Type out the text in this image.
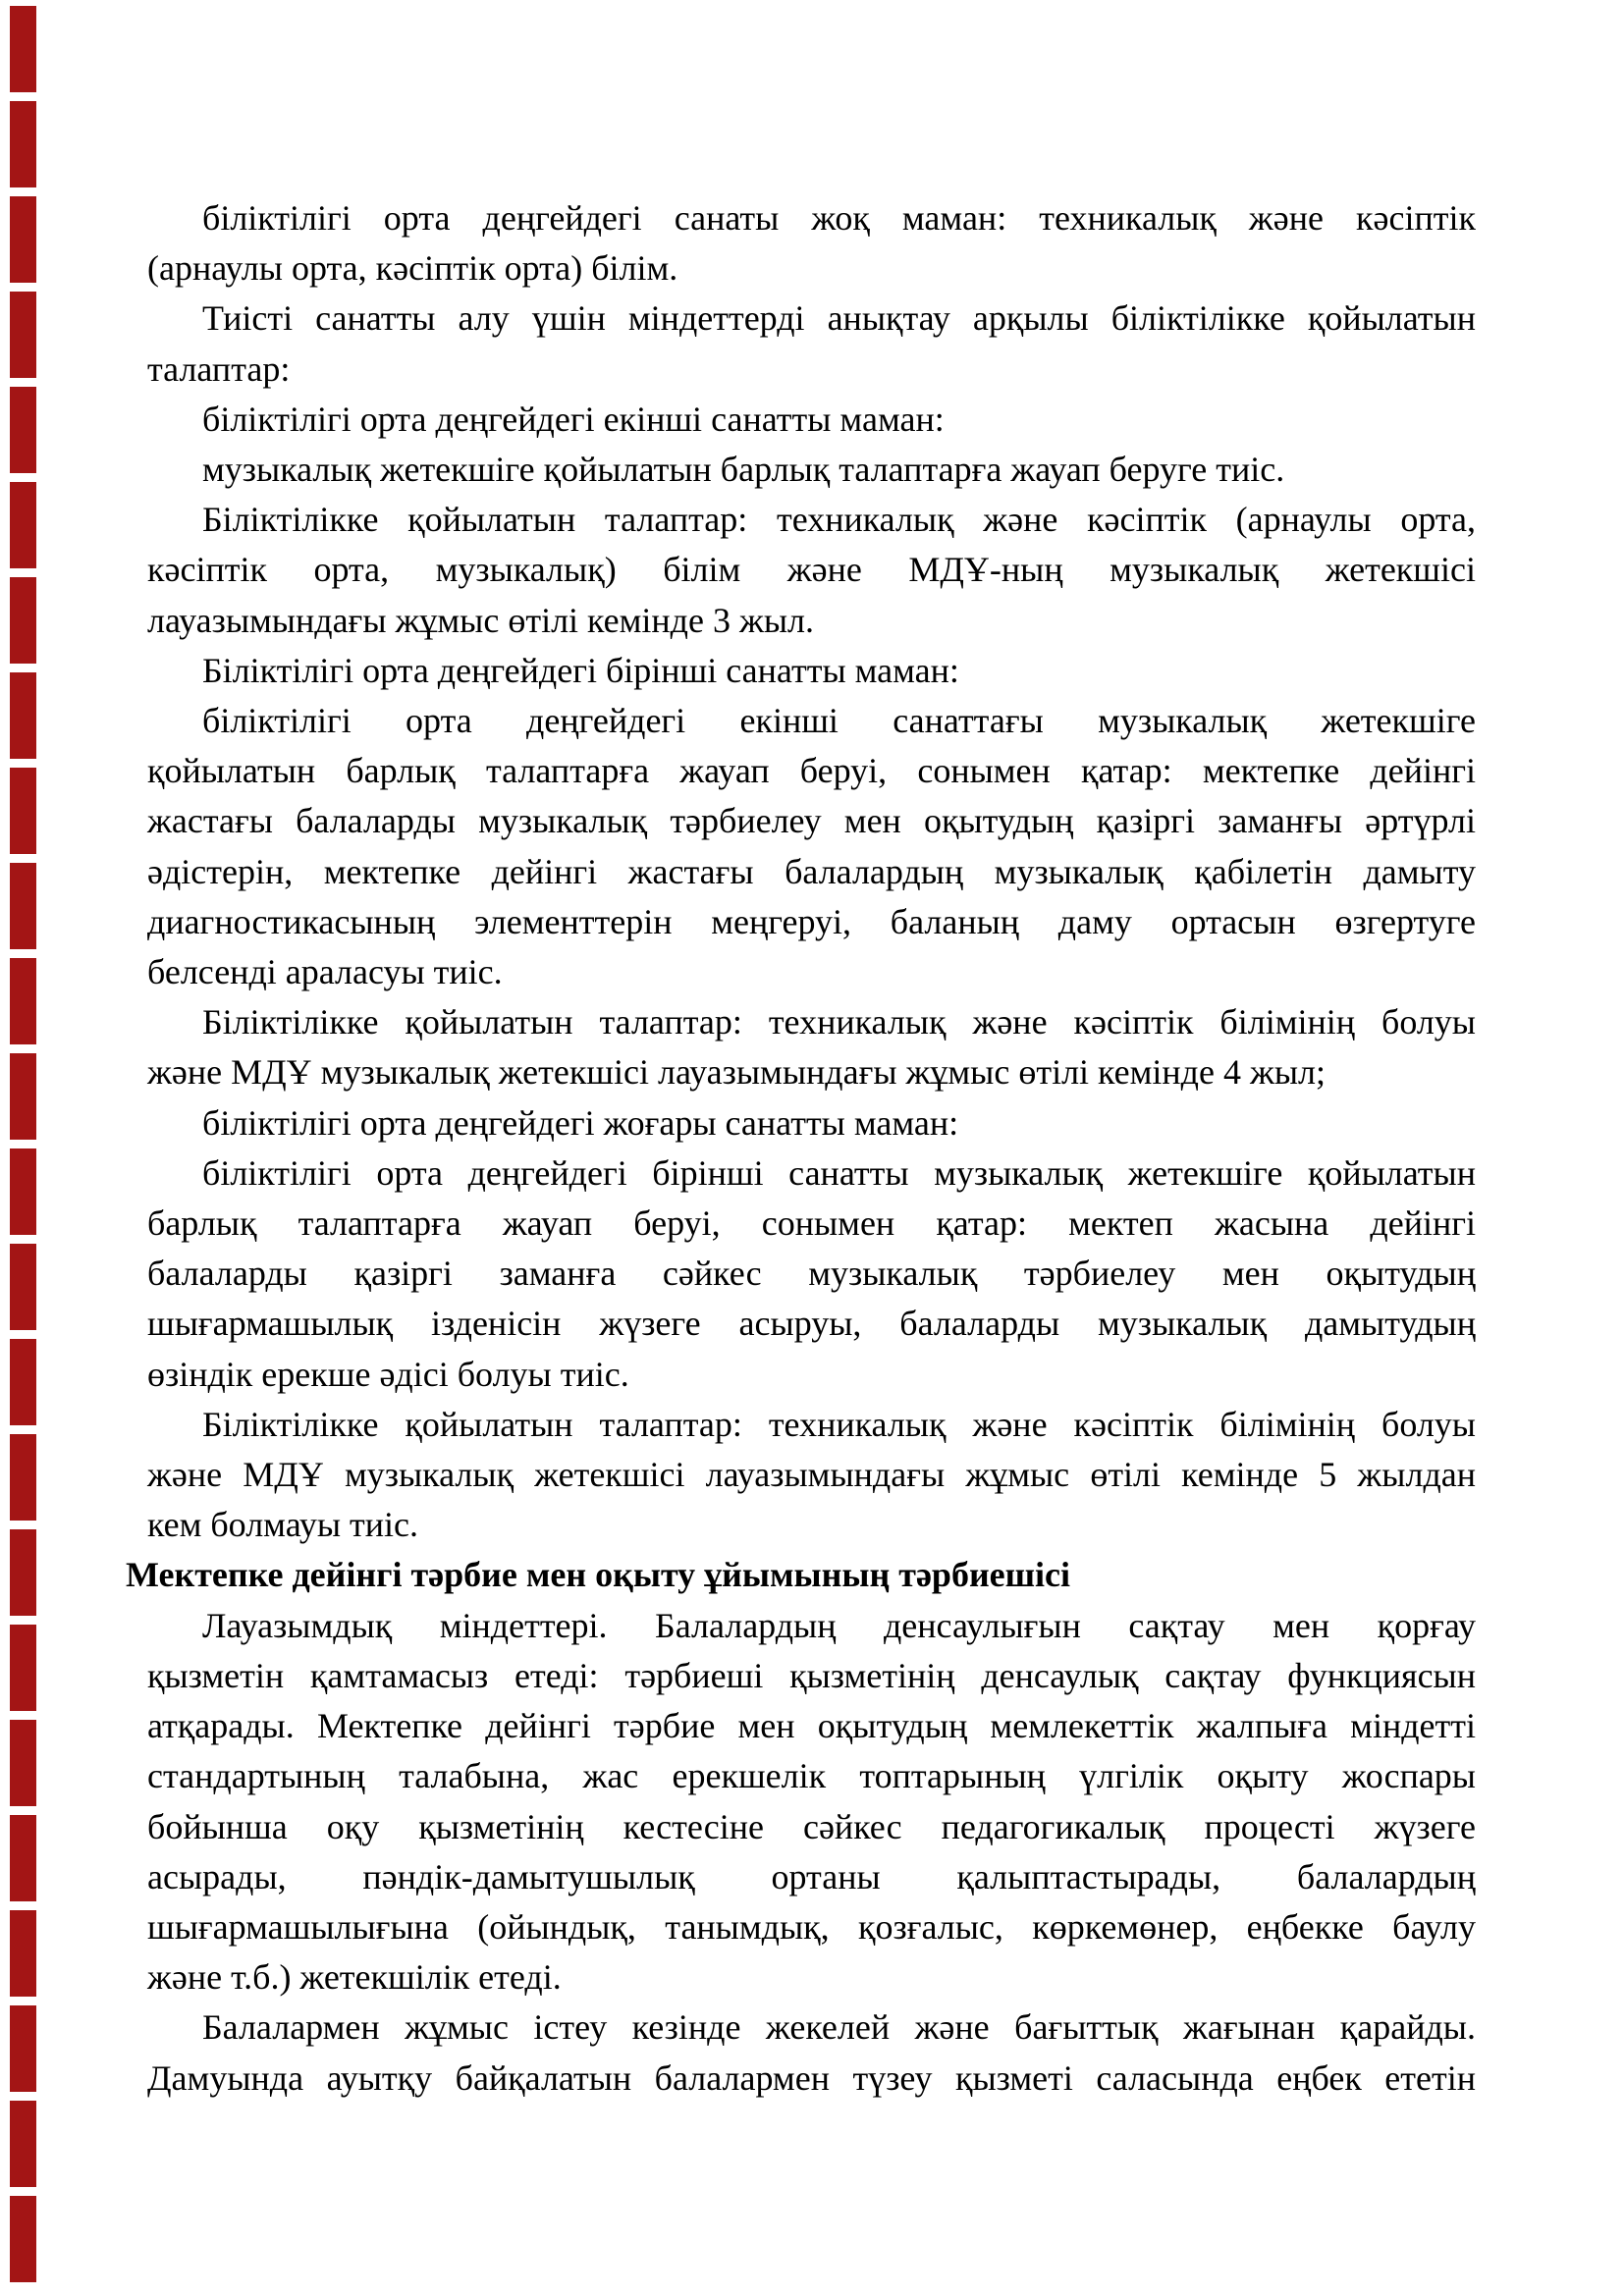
біліктілігі орта деңгейдегі санаты жоқ маман: техникалық және кәсіптік
(арнаулы орта, кәсіптік орта) білім.
Тиісті санатты алу үшін міндеттерді анықтау арқылы біліктілікке қойылатын
талаптар:
біліктілігі орта деңгейдегі екінші санатты маман:
музыкалық жетекшіге қойылатын барлық талаптарға жауап беруге тиіс.
Біліктілікке қойылатын талаптар: техникалық және кәсіптік (арнаулы орта,
кәсіптік орта, музыкалық) білім және МДҰ-ның музыкалық жетекшісі
лауазымындағы жұмыс өтілі кемінде 3 жыл.
Біліктілігі орта деңгейдегі бірінші санатты маман:
біліктілігі орта деңгейдегі екінші санаттағы музыкалық жетекшіге
қойылатын барлық талаптарға жауап беруі, сонымен қатар: мектепке дейінгі
жастағы балаларды музыкалық тәрбиелеу мен оқытудың қазіргі заманғы әртүрлі
әдістерін, мектепке дейінгі жастағы балалардың музыкалық қабілетін дамыту
диагностикасының элементтерін меңгеруі, баланың даму ортасын өзгертуге
белсенді араласуы тиіс.
Біліктілікке қойылатын талаптар: техникалық және кәсіптік білімінің болуы
және МДҰ музыкалық жетекшісі лауазымындағы жұмыс өтілі кемінде 4 жыл;
біліктілігі орта деңгейдегі жоғары санатты маман:
біліктілігі орта деңгейдегі бірінші санатты музыкалық жетекшіге қойылатын
барлық талаптарға жауап беруі, сонымен қатар: мектеп жасына дейінгі
балаларды қазіргі заманға сәйкес музыкалық тәрбиелеу мен оқытудың
шығармашылық ізденісін жүзеге асыруы, балаларды музыкалық дамытудың
өзіндік ерекше әдісі болуы тиіс.
Біліктілікке қойылатын талаптар: техникалық және кәсіптік білімінің болуы
және МДҰ музыкалық жетекшісі лауазымындағы жұмыс өтілі кемінде 5 жылдан
кем болмауы тиіс.
Мектепке дейінгі тәрбие мен оқыту ұйымының тәрбиешісі
Лауазымдық міндеттері. Балалардың денсаулығын сақтау мен қорғау
қызметін қамтамасыз етеді: тәрбиеші қызметінің денсаулық сақтау функциясын
атқарады. Мектепке дейінгі тәрбие мен оқытудың мемлекеттік жалпыға міндетті
стандартының талабына, жас ерекшелік топтарының үлгілік оқыту жоспары
бойынша оқу қызметінің кестесіне сәйкес педагогикалық процесті жүзеге
асырады, пәндік-дамытушылық ортаны қалыптастырады, балалардың
шығармашылығына (ойындық, танымдық, қозғалыс, көркемөнер, еңбекке баулу
және т.б.) жетекшілік етеді.
Балалармен жұмыс істеу кезінде жекелей және бағыттық жағынан қарайды.
Дамуында ауытқу байқалатын балалармен түзеу қызметі саласында еңбек ететін
